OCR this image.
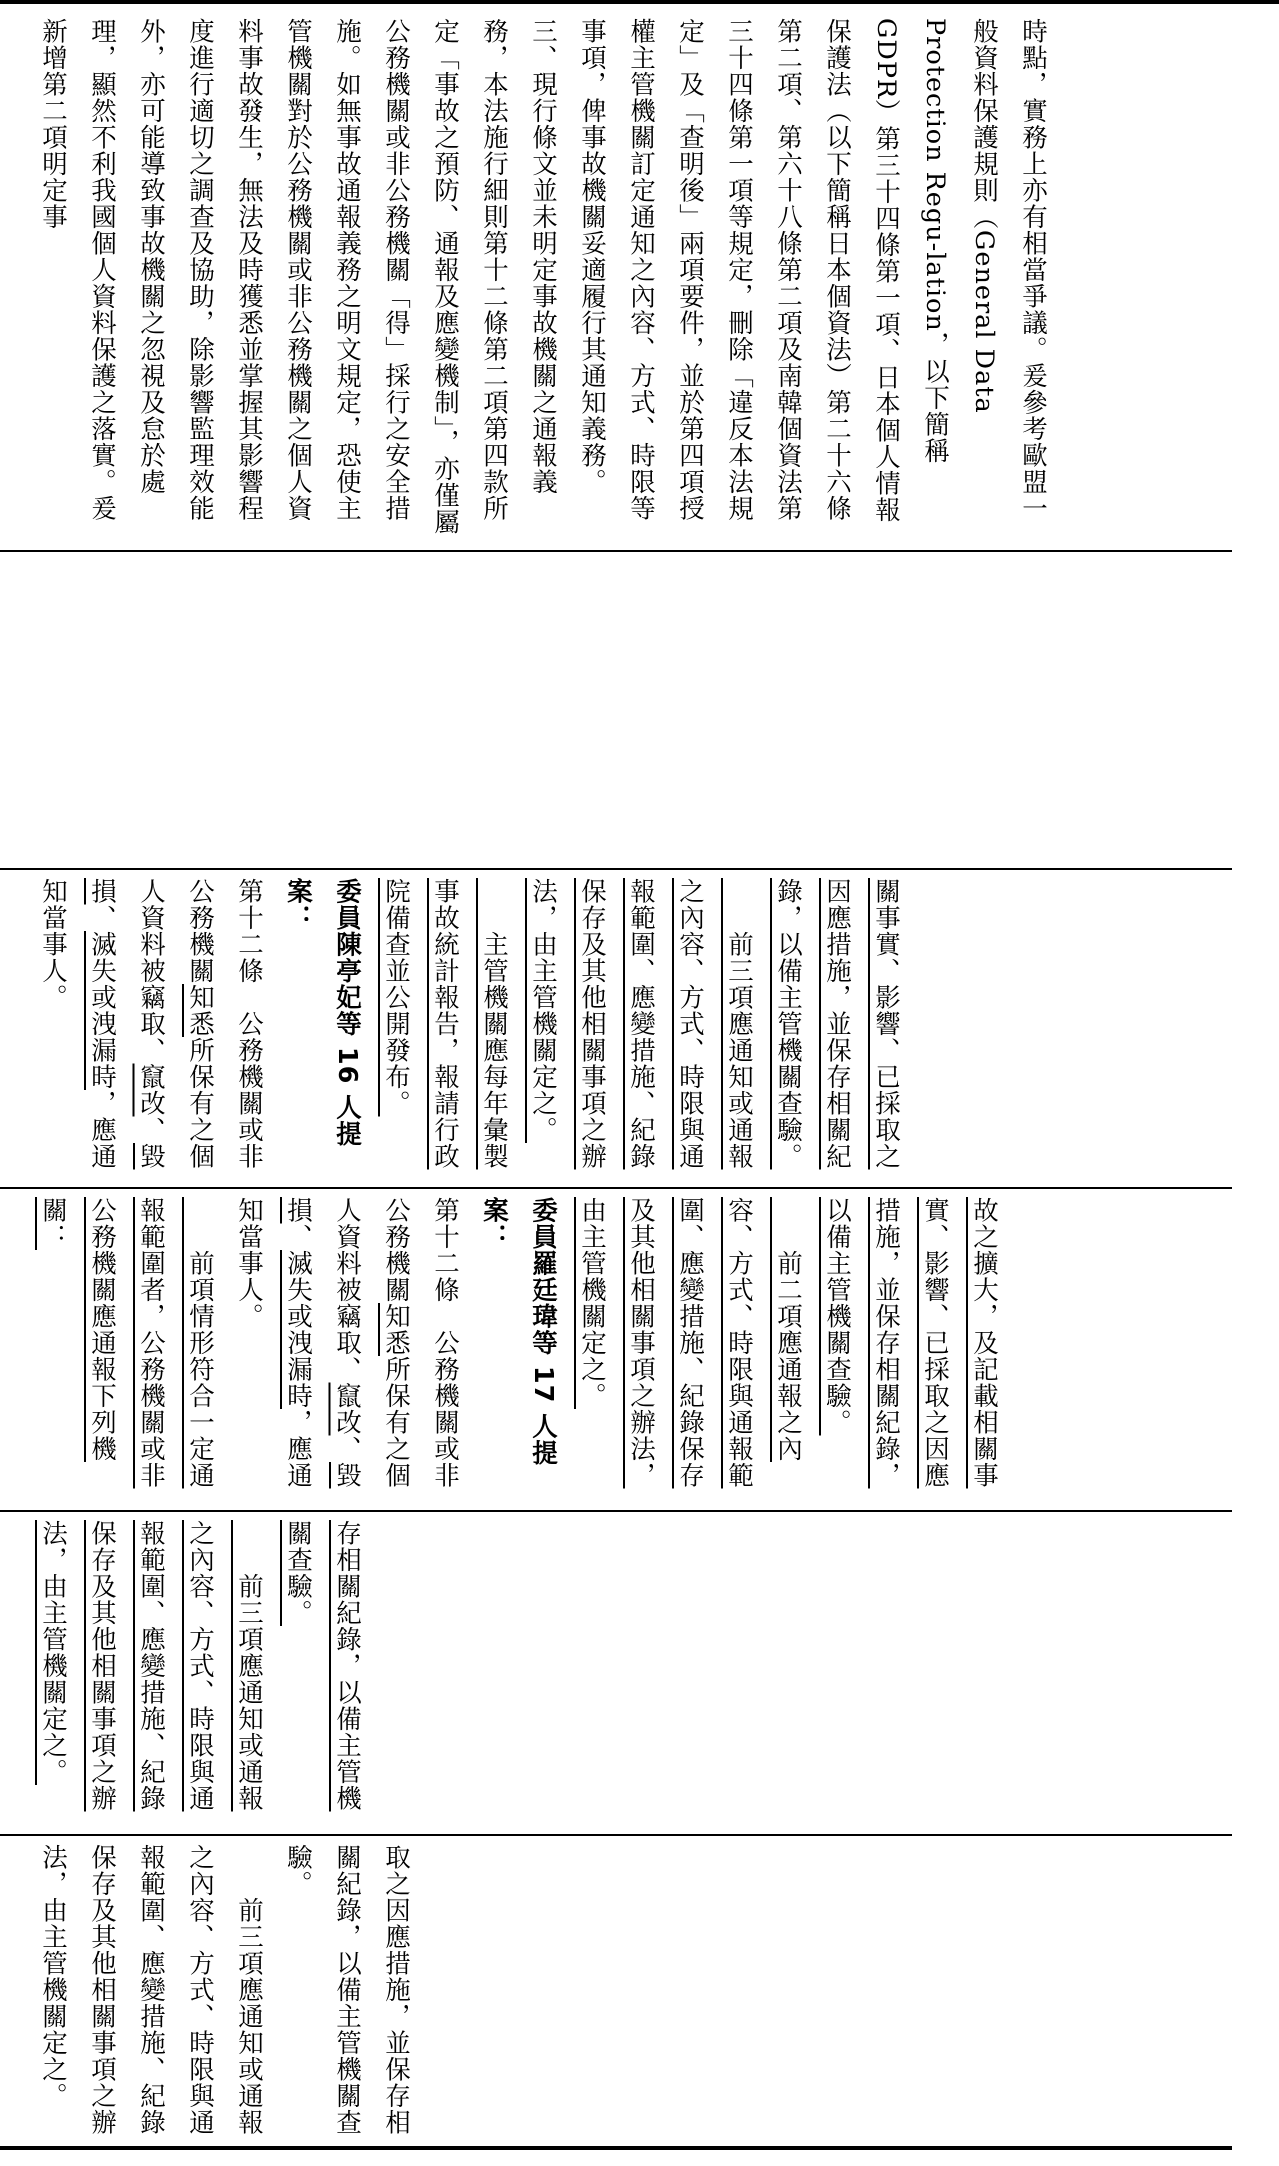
時點，實務上亦有相當爭議。爰參考歐盟一般資料保護規則（General Data Protection Regu-lation，以下簡稱GDPR）第三十四條第一項、日本個人情報保護法（以下簡稱日本個資法）第二十六條第二項、第六十八條第二項及南韓個資法第三十四條第一項等規定，刪除「違反本法規定」及「查明後」兩項要件，並於第四項授權主管機關訂定通知之內容、方式、時限等事項，俾事故機關妥適履行其通知義務。
三、現行條文並未明定事故機關之通報義務，本法施行細則第十二條第二項第四款所定「事故之預防、通報及應變機制」，亦僅屬公務機關或非公務機關「得」採行之安全措施。如無事故通報義務之明文規定，恐使主管機關對於公務機關或非公務機關之個人資料事故發生，無法及時獲悉並掌握其影響程度進行適切之調查及協助，除影響監理效能外，亦可能導致事故機關之忽視及怠於處理，顯然不利我國個人資料保護之落實。爰新增第二項明定事
關事實、影響、已採取之因應措施，並保存相關紀錄，以備主管機關查驗。
　　前三項應通知或通報之內容、方式、時限與通報範圍、應變措施、紀錄保存及其他相關事項之辦法，由主管機關定之。
　　主管機關應每年彙製事故統計報告，報請行政院備查並公開發布。
委員陳亭妃等 16 人提案：
第十二條　公務機關或非公務機關知悉所保有之個人資料被竊取、竄改、毀損、滅失或洩漏時，應通知當事人。
故之擴大，及記載相關事實、影響、已採取之因應措施，並保存相關紀錄，以備主管機關查驗。
　　前二項應通報之內容、方式、時限與通報範圍、應變措施、紀錄保存及其他相關事項之辦法，由主管機關定之。
委員羅廷瑋等 17 人提案：
第十二條　公務機關或非公務機關知悉所保有之個人資料被竊取、竄改、毀損、滅失或洩漏時，應通知當事人。
　　前項情形符合一定通報範圍者，公務機關或非公務機關應通報下列機關：
存相關紀錄，以備主管機關查驗。
　　前三項應通知或通報之內容、方式、時限與通報範圍、應變措施、紀錄保存及其他相關事項之辦法，由主管機關定之。
取之因應措施，並保存相關紀錄，以備主管機關查驗。
　　前三項應通知或通報之內容、方式、時限與通報範圍、應變措施、紀錄保存及其他相關事項之辦法，由主管機關定之。
